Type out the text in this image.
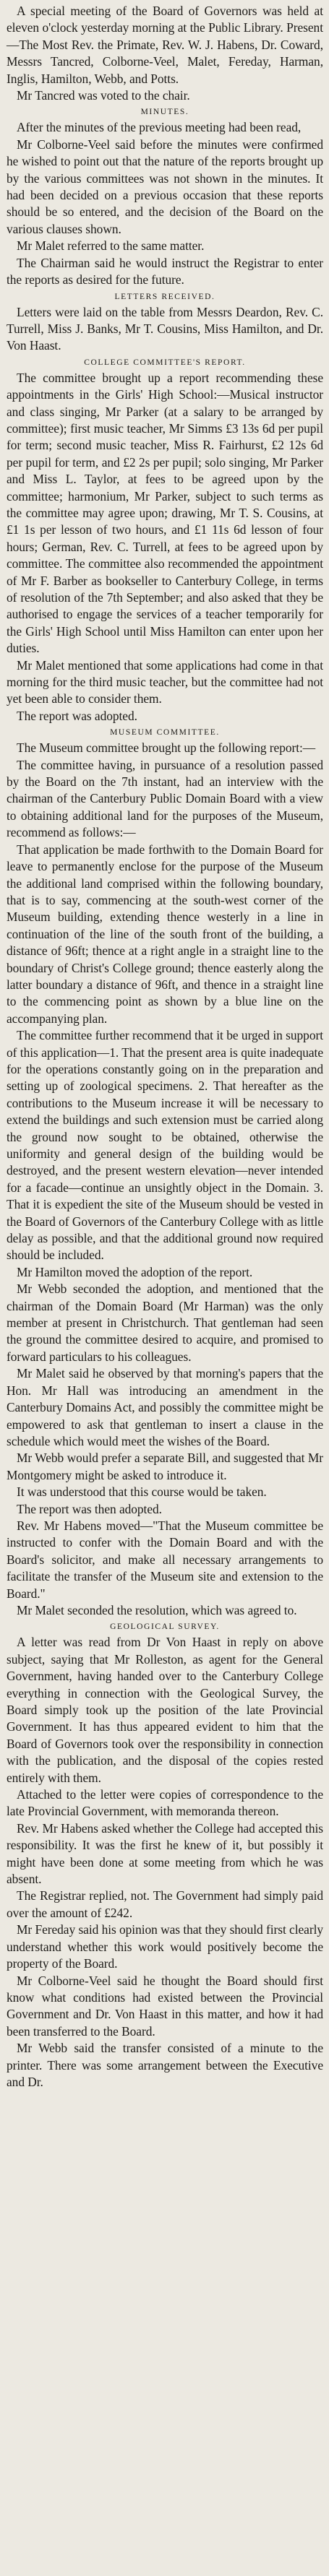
A special meeting of the Board of Governors was held at eleven o'clock yesterday morning at the Public Library. Present—The Most Rev. the Primate, Rev. W. J. Habens, Dr. Coward, Messrs Tancred, Colborne-Veel, Malet, Fereday, Harman, Inglis, Hamilton, Webb, and Potts.

Mr Tancred was voted to the chair.

MINUTES.

After the minutes of the previous meeting had been read,

Mr Colborne-Veel said before the minutes were confirmed he wished to point out that the nature of the reports brought up by the various committees was not shown in the minutes. It had been decided on a previous occasion that these reports should be so entered, and the decision of the Board on the various clauses shown.

Mr Malet referred to the same matter.

The Chairman said he would instruct the Registrar to enter the reports as desired for the future.

LETTERS RECEIVED.

Letters were laid on the table from Messrs Deardon, Rev. C. Turrell, Miss J. Banks, Mr T. Cousins, Miss Hamilton, and Dr. Von Haast.

COLLEGE COMMITTEE'S REPORT.

The committee brought up a report recommending these appointments in the Girls' High School:—Musical instructor and class singing, Mr Parker (at a salary to be arranged by committee); first music teacher, Mr Simms £3 13s 6d per pupil for term; second music teacher, Miss R. Fairhurst, £2 12s 6d per pupil for term, and £2 2s per pupil; solo singing, Mr Parker and Miss L. Taylor, at fees to be agreed upon by the committee; harmonium, Mr Parker, subject to such terms as the committee may agree upon; drawing, Mr T. S. Cousins, at £1 1s per lesson of two hours, and £1 11s 6d lesson of four hours; German, Rev. C. Turrell, at fees to be agreed upon by committee. The committee also recommended the appointment of Mr F. Barber as bookseller to Canterbury College, in terms of resolution of the 7th September; and also asked that they be authorised to engage the services of a teacher temporarily for the Girls' High School until Miss Hamilton can enter upon her duties.

Mr Malet mentioned that some applications had come in that morning for the third music teacher, but the committee had not yet been able to consider them.

The report was adopted.

MUSEUM COMMITTEE.

The Museum committee brought up the following report:—

The committee having, in pursuance of a resolution passed by the Board on the 7th instant, had an interview with the chairman of the Canterbury Public Domain Board with a view to obtaining additional land for the purposes of the Museum, recommend as follows:—

That application be made forthwith to the Domain Board for leave to permanently enclose for the purpose of the Museum the additional land comprised within the following boundary, that is to say, commencing at the south-west corner of the Museum building, extending thence westerly in a line in continuation of the line of the south front of the building, a distance of 96ft; thence at a right angle in a straight line to the boundary of Christ's College ground; thence easterly along the latter boundary a distance of 96ft, and thence in a straight line to the commencing point as shown by a blue line on the accompanying plan.

The committee further recommend that it be urged in support of this application—1. That the present area is quite inadequate for the operations constantly going on in the preparation and setting up of zoological specimens. 2. That hereafter as the contributions to the Museum increase it will be necessary to extend the buildings and such extension must be carried along the ground now sought to be obtained, otherwise the uniformity and general design of the building would be destroyed, and the present western elevation—never intended for a facade—continue an unsightly object in the Domain. 3. That it is expedient the site of the Museum should be vested in the Board of Governors of the Canterbury College with as little delay as possible, and that the additional ground now required should be included.

Mr Hamilton moved the adoption of the report.

Mr Webb seconded the adoption, and mentioned that the chairman of the Domain Board (Mr Harman) was the only member at present in Christchurch. That gentleman had seen the ground the committee desired to acquire, and promised to forward particulars to his colleagues.

Mr Malet said he observed by that morning's papers that the Hon. Mr Hall was introducing an amendment in the Canterbury Domains Act, and possibly the committee might be empowered to ask that gentleman to insert a clause in the schedule which would meet the wishes of the Board.

Mr Webb would prefer a separate Bill, and suggested that Mr Montgomery might be asked to introduce it.

It was understood that this course would be taken.

The report was then adopted.

Rev. Mr Habens moved—"That the Museum committee be instructed to confer with the Domain Board and with the Board's solicitor, and make all necessary arrangements to facilitate the transfer of the Museum site and extension to the Board."

Mr Malet seconded the resolution, which was agreed to.

GEOLOGICAL SURVEY.

A letter was read from Dr Von Haast in reply on above subject, saying that Mr Rolleston, as agent for the General Government, having handed over to the Canterbury College everything in connection with the Geological Survey, the Board simply took up the position of the late Provincial Government. It has thus appeared evident to him that the Board of Governors took over the responsibility in connection with the publication, and the disposal of the copies rested entirely with them.

Attached to the letter were copies of correspondence to the late Provincial Government, with memoranda thereon.

Rev. Mr Habens asked whether the College had accepted this responsibility. It was the first he knew of it, but possibly it might have been done at some meeting from which he was absent.

The Registrar replied, not. The Government had simply paid over the amount of £242.

Mr Fereday said his opinion was that they should first clearly understand whether this work would positively become the property of the Board.

Mr Colborne-Veel said he thought the Board should first know what conditions had existed between the Provincial Government and Dr. Von Haast in this matter, and how it had been transferred to the Board.

Mr Webb said the transfer consisted of a minute to the printer. There was some arrangement between the Executive and Dr.
